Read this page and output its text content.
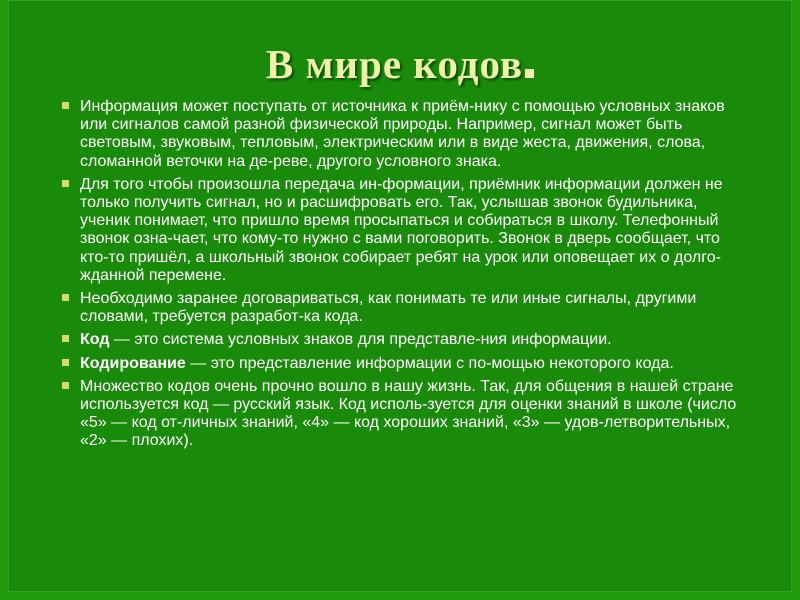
В мире кодов
Информация может поступать от источника к приём-нику с помощью условных знаков или сигналов самой разной физической природы. Например, сигнал может быть световым, звуковым, тепловым, электрическим или в виде жеста, движения, слова, сломанной веточки на де-реве, другого условного знака.
Для того чтобы произошла передача ин-формации, приёмник информации должен не только получить сигнал, но и расшифровать его. Так, услышав звонок будильника, ученик понимает, что пришло время просыпаться и собираться в школу. Телефонный звонок озна-чает, что кому-то нужно с вами поговорить. Звонок в дверь сообщает, что кто-то пришёл, а школьный звонок собирает ребят на урок или оповещает их о долго-жданной перемене.
Необходимо заранее договариваться, как понимать те или иные сигналы, другими словами, требуется разработ-ка кода.
Код — это система условных знаков для представле-ния информации.
Кодирование — это представление информации с по-мощью некоторого кода.
Множество кодов очень прочно вошло в нашу жизнь. Так, для общения в нашей стране используется код — русский язык. Код исполь-зуется для оценки знаний в школе (число «5» — код от-личных знаний, «4» — код хороших знаний, «3» — удов-летворительных, «2» — плохих).
